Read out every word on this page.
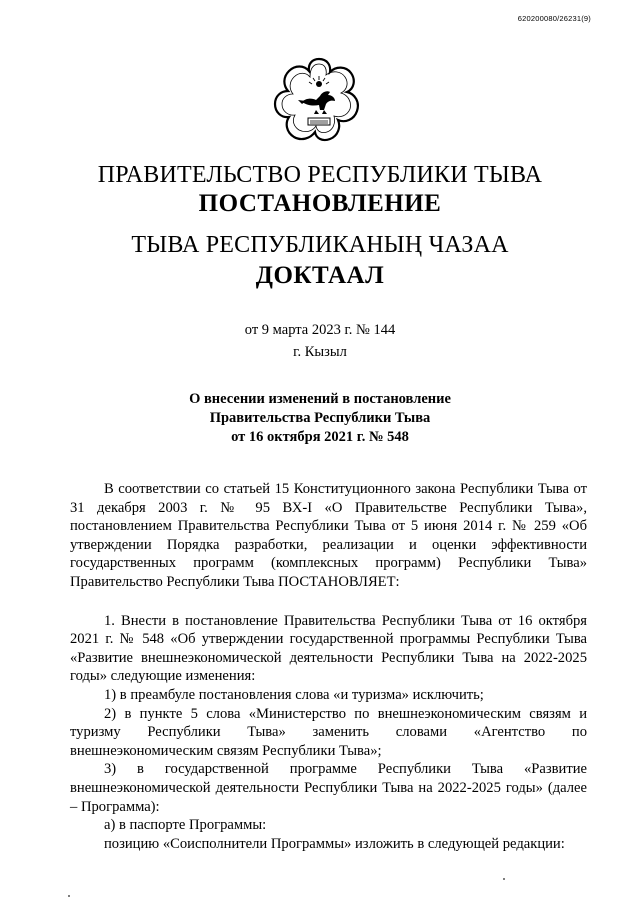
620200080/26231(9)
ПРАВИТЕЛЬСТВО РЕСПУБЛИКИ ТЫВА
ПОСТАНОВЛЕНИЕ
ТЫВА РЕСПУБЛИКАНЫҢ ЧАЗАА
ДОКТААЛ
от 9 марта 2023 г. № 144
г. Кызыл
О внесении изменений в постановление
Правительства Республики Тыва
от 16 октября 2021 г. № 548

В соответствии со статьей 15 Конституционного закона Республики Тыва от 31 декабря 2003 г. № 95 ВХ-I «О Правительстве Республики Тыва», постановлением Правительства Республики Тыва от 5 июня 2014 г. № 259 «Об утверждении Порядка разработки, реализации и оценки эффективности государственных программ (комплексных программ) Республики Тыва» Правительство Республики Тыва ПОСТАНОВЛЯЕТ:

1. Внести в постановление Правительства Республики Тыва от 16 октября 2021 г. № 548 «Об утверждении государственной программы Республики Тыва «Развитие внешнеэкономической деятельности Республики Тыва на 2022-2025 годы» следующие изменения:

1) в преамбуле постановления слова «и туризма» исключить;

2) в пункте 5 слова «Министерство по внешнеэкономическим связям и туризму Республики Тыва» заменить словами «Агентство по внешнеэкономическим связям Республики Тыва»;

3) в государственной программе Республики Тыва «Развитие внешнеэкономической деятельности Республики Тыва на 2022-2025 годы» (далее – Программа):

а) в паспорте Программы:

позицию «Соисполнители Программы» изложить в следующей редакции:
